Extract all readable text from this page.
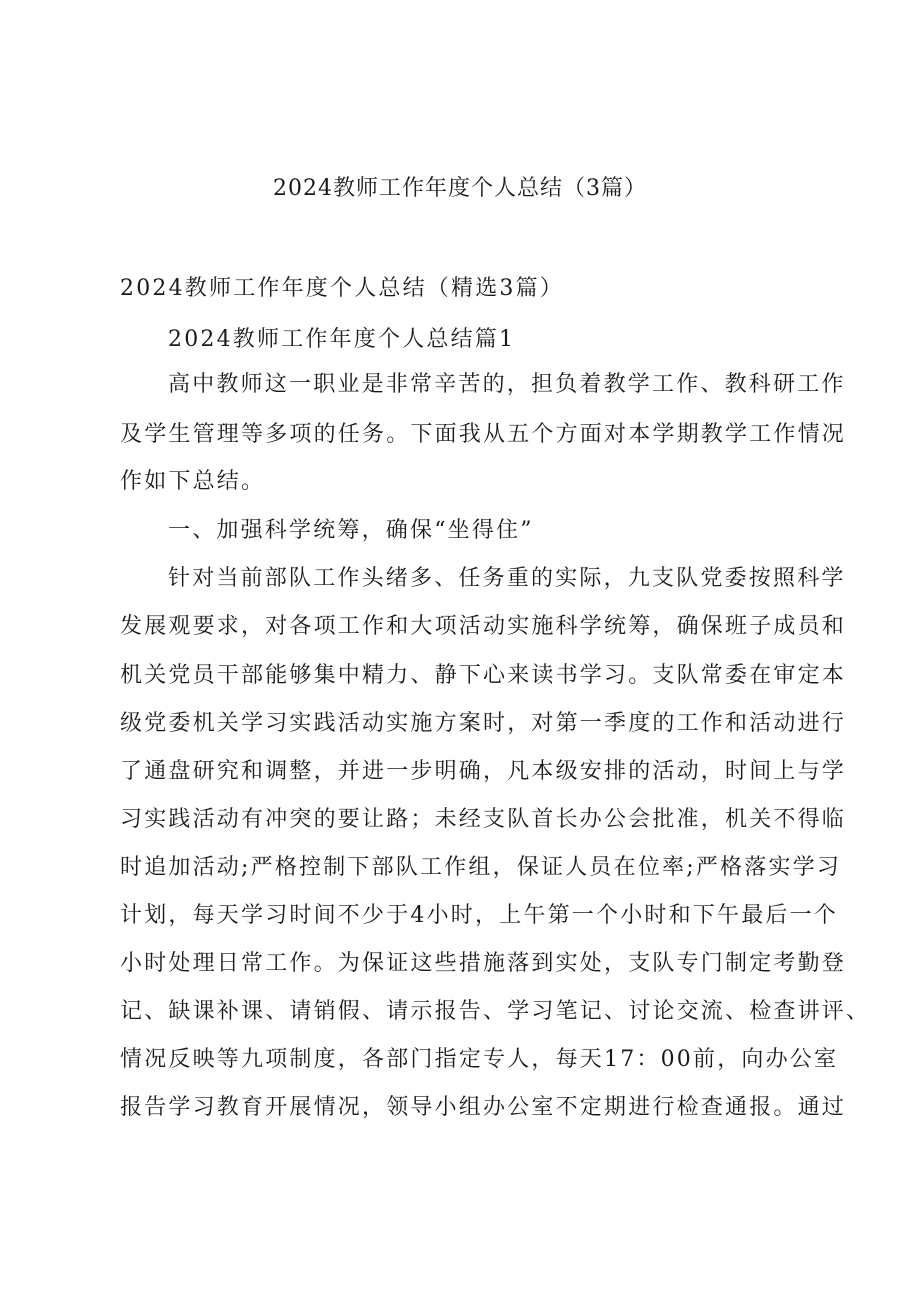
2024教师工作年度个人总结（3篇）
2024教师工作年度个人总结（精选3篇）
2024教师工作年度个人总结篇1
高中教师这一职业是非常辛苦的，担负着教学工作、教科研工作
及学生管理等多项的任务。下面我从五个方面对本学期教学工作情况
作如下总结。
一、加强科学统筹，确保“坐得住”
针对当前部队工作头绪多、任务重的实际，九支队党委按照科学
发展观要求，对各项工作和大项活动实施科学统筹，确保班子成员和
机关党员干部能够集中精力、静下心来读书学习。支队常委在审定本
级党委机关学习实践活动实施方案时，对第一季度的工作和活动进行
了通盘研究和调整，并进一步明确，凡本级安排的活动，时间上与学
习实践活动有冲突的要让路；未经支队首长办公会批准，机关不得临
时追加活动;严格控制下部队工作组，保证人员在位率;严格落实学习
计划，每天学习时间不少于4小时，上午第一个小时和下午最后一个
小时处理日常工作。为保证这些措施落到实处，支队专门制定考勤登
记、缺课补课、请销假、请示报告、学习笔记、讨论交流、检查讲评、
情况反映等九项制度，各部门指定专人，每天17：00前，向办公室
报告学习教育开展情况，领导小组办公室不定期进行检查通报。通过
